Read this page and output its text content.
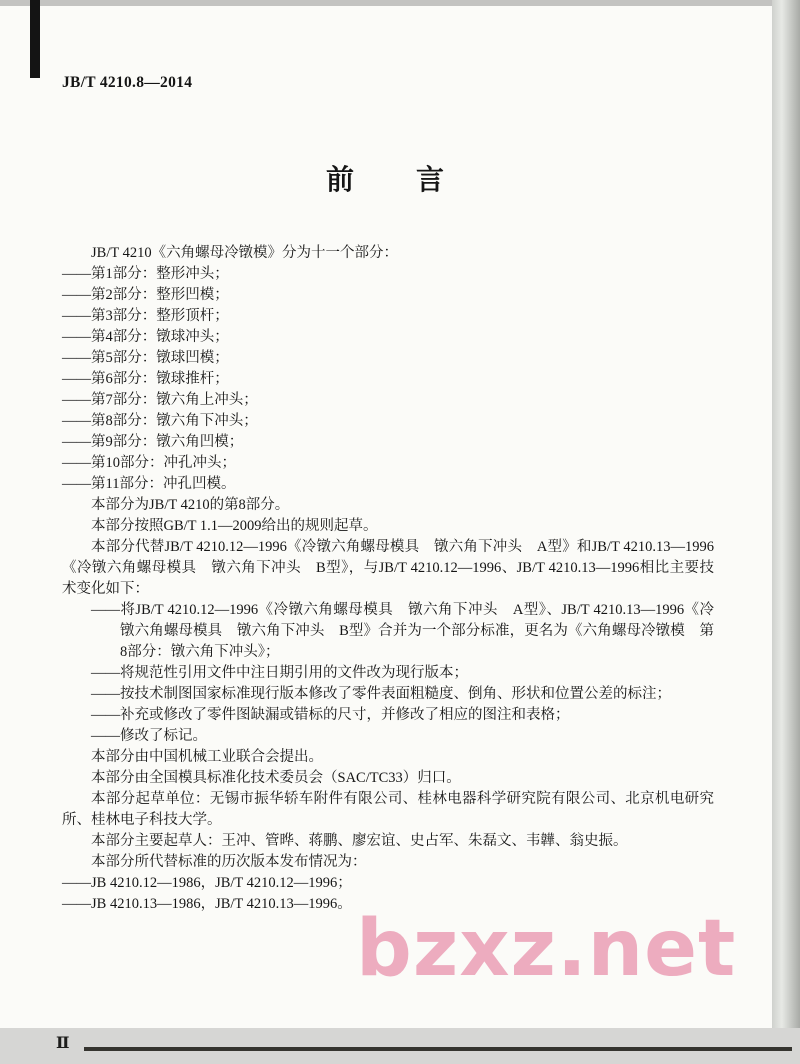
JB/T 4210.8—2014
前　　言

JB/T 4210《六角螺母冷镦模》分为十一个部分：

——第1部分：整形冲头；

——第2部分：整形凹模；

——第3部分：整形顶杆；

——第4部分：镦球冲头；

——第5部分：镦球凹模；

——第6部分：镦球推杆；

——第7部分：镦六角上冲头；

——第8部分：镦六角下冲头；

——第9部分：镦六角凹模；

——第10部分：冲孔冲头；

——第11部分：冲孔凹模。

本部分为JB/T 4210的第8部分。

本部分按照GB/T 1.1—2009给出的规则起草。

本部分代替JB/T 4210.12—1996《冷镦六角螺母模具　镦六角下冲头　A型》和JB/T 4210.13—1996《冷镦六角螺母模具　镦六角下冲头　B型》，与JB/T 4210.12—1996、JB/T 4210.13—1996相比主要技术变化如下：

——将JB/T 4210.12—1996《冷镦六角螺母模具　镦六角下冲头　A型》、JB/T 4210.13—1996《冷镦六角螺母模具　镦六角下冲头　B型》合并为一个部分标准，更名为《六角螺母冷镦模　第8部分：镦六角下冲头》；

——将规范性引用文件中注日期引用的文件改为现行版本；

——按技术制图国家标准现行版本修改了零件表面粗糙度、倒角、形状和位置公差的标注；

——补充或修改了零件图缺漏或错标的尺寸，并修改了相应的图注和表格；

——修改了标记。

本部分由中国机械工业联合会提出。

本部分由全国模具标准化技术委员会（SAC/TC33）归口。

本部分起草单位：无锡市振华轿车附件有限公司、桂林电器科学研究院有限公司、北京机电研究所、桂林电子科技大学。

本部分主要起草人：王冲、管晔、蒋鹏、廖宏谊、史占军、朱磊文、韦韡、翁史振。

本部分所代替标准的历次版本发布情况为：

——JB 4210.12—1986，JB/T 4210.12—1996；

——JB 4210.13—1986，JB/T 4210.13—1996。

Ⅱ
bzxz.net
